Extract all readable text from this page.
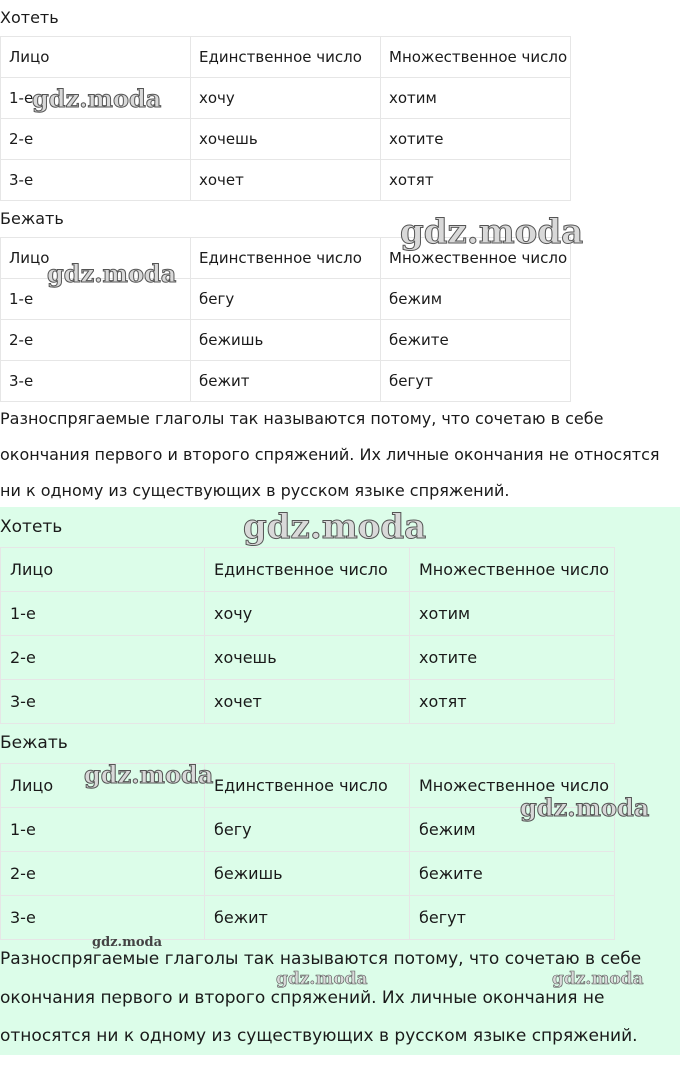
Хотеть
Лицо	Единственное число	Множественное число
1-е	хочу	хотим
2-е	хочешь	хотите
3-е	хочет	хотят
Бежать
Лицо	Единственное число	Множественное число
1-е	бегу	бежим
2-е	бежишь	бежите
3-е	бежит	бегут
Разноспрягаемые глаголы так называются потому, что сочетаю в себе
окончания первого и второго спряжений. Их личные окончания не относятся
ни к одному из существующих в русском языке спряжений.
Хотеть
Лицо	Единственное число	Множественное число
1-е	хочу	хотим
2-е	хочешь	хотите
3-е	хочет	хотят
Бежать
Лицо	Единственное число	Множественное число
1-е	бегу	бежим
2-е	бежишь	бежите
3-е	бежит	бегут
Разноспрягаемые глаголы так называются потому, что сочетаю в себе
окончания первого и второго спряжений. Их личные окончания не
относятся ни к одному из существующих в русском языке спряжений.
gdz.moda
gdz.moda
gdz.moda
gdz.moda
gdz.moda
gdz.moda
gdz.moda
gdz.moda	gdz.moda
